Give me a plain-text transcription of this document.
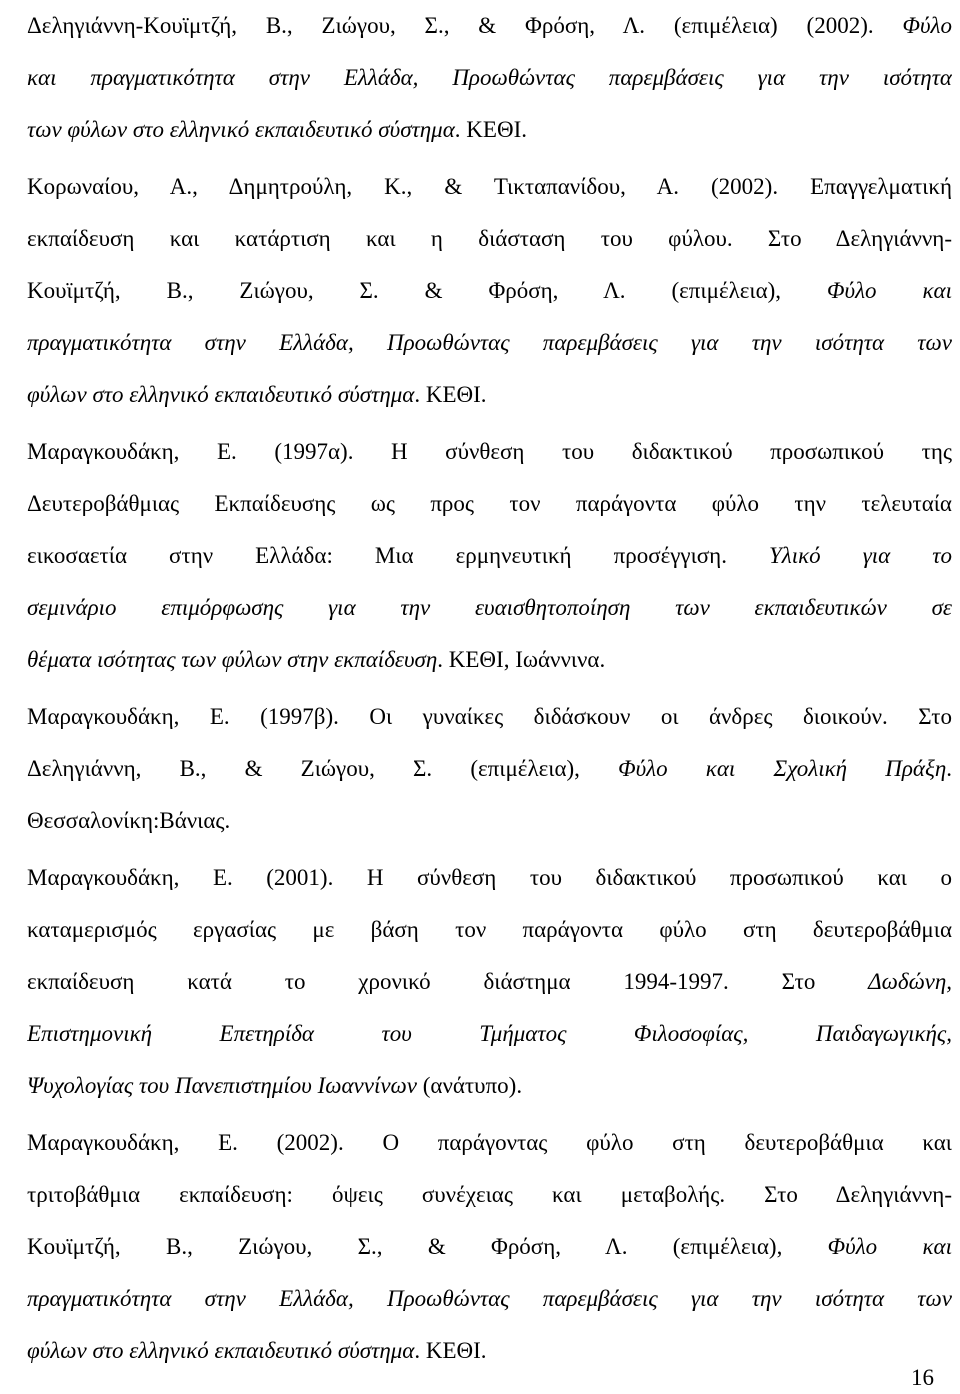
Δεληγιάννη-Κουϊμτζή, Β., Ζιώγου, Σ., & Φρόση, Λ. (επιμέλεια) (2002). Φύλο
και πραγματικότητα στην Ελλάδα, Προωθώντας παρεμβάσεις για την ισότητα
των φύλων στο ελληνικό εκπαιδευτικό σύστημα. ΚΕΘΙ.
Κορωναίου, Α., Δημητρούλη, Κ., & Τικταπανίδου, Α. (2002). Επαγγελματική
εκπαίδευση και κατάρτιση και η διάσταση του φύλου. Στο Δεληγιάννη-
Κουϊμτζή, Β., Ζιώγου, Σ. & Φρόση, Λ. (επιμέλεια), Φύλο και
πραγματικότητα στην Ελλάδα, Προωθώντας παρεμβάσεις για την ισότητα των
φύλων στο ελληνικό εκπαιδευτικό σύστημα. ΚΕΘΙ.
Μαραγκουδάκη, Ε. (1997α). Η σύνθεση του διδακτικού προσωπικού της
Δευτεροβάθμιας Εκπαίδευσης ως προς τον παράγοντα φύλο την τελευταία
εικοσαετία στην Ελλάδα: Μια ερμηνευτική προσέγγιση. Υλικό για το
σεμινάριο επιμόρφωσης για την ευαισθητοποίηση των εκπαιδευτικών σε
θέματα ισότητας των φύλων στην εκπαίδευση. ΚΕΘΙ, Ιωάννινα.
Μαραγκουδάκη, Ε. (1997β). Οι γυναίκες διδάσκουν οι άνδρες διοικούν. Στο
Δεληγιάννη, Β., & Ζιώγου, Σ. (επιμέλεια), Φύλο και Σχολική Πράξη.
Θεσσαλονίκη:Βάνιας.
Μαραγκουδάκη, Ε. (2001). Η σύνθεση του διδακτικού προσωπικού και ο
καταμερισμός εργασίας με βάση τον παράγοντα φύλο στη δευτεροβάθμια
εκπαίδευση κατά το χρονικό διάστημα 1994-1997. Στο Δωδώνη,
Επιστημονική Επετηρίδα του Τμήματος Φιλοσοφίας, Παιδαγωγικής,
Ψυχολογίας του Πανεπιστημίου Ιωαννίνων (ανάτυπο).
Μαραγκουδάκη, Ε. (2002). Ο παράγοντας φύλο στη δευτεροβάθμια και
τριτοβάθμια εκπαίδευση: όψεις συνέχειας και μεταβολής. Στο Δεληγιάννη-
Κουϊμτζή, Β., Ζιώγου, Σ., & Φρόση, Λ. (επιμέλεια), Φύλο και
πραγματικότητα στην Ελλάδα, Προωθώντας παρεμβάσεις για την ισότητα των
φύλων στο ελληνικό εκπαιδευτικό σύστημα. ΚΕΘΙ.
16
